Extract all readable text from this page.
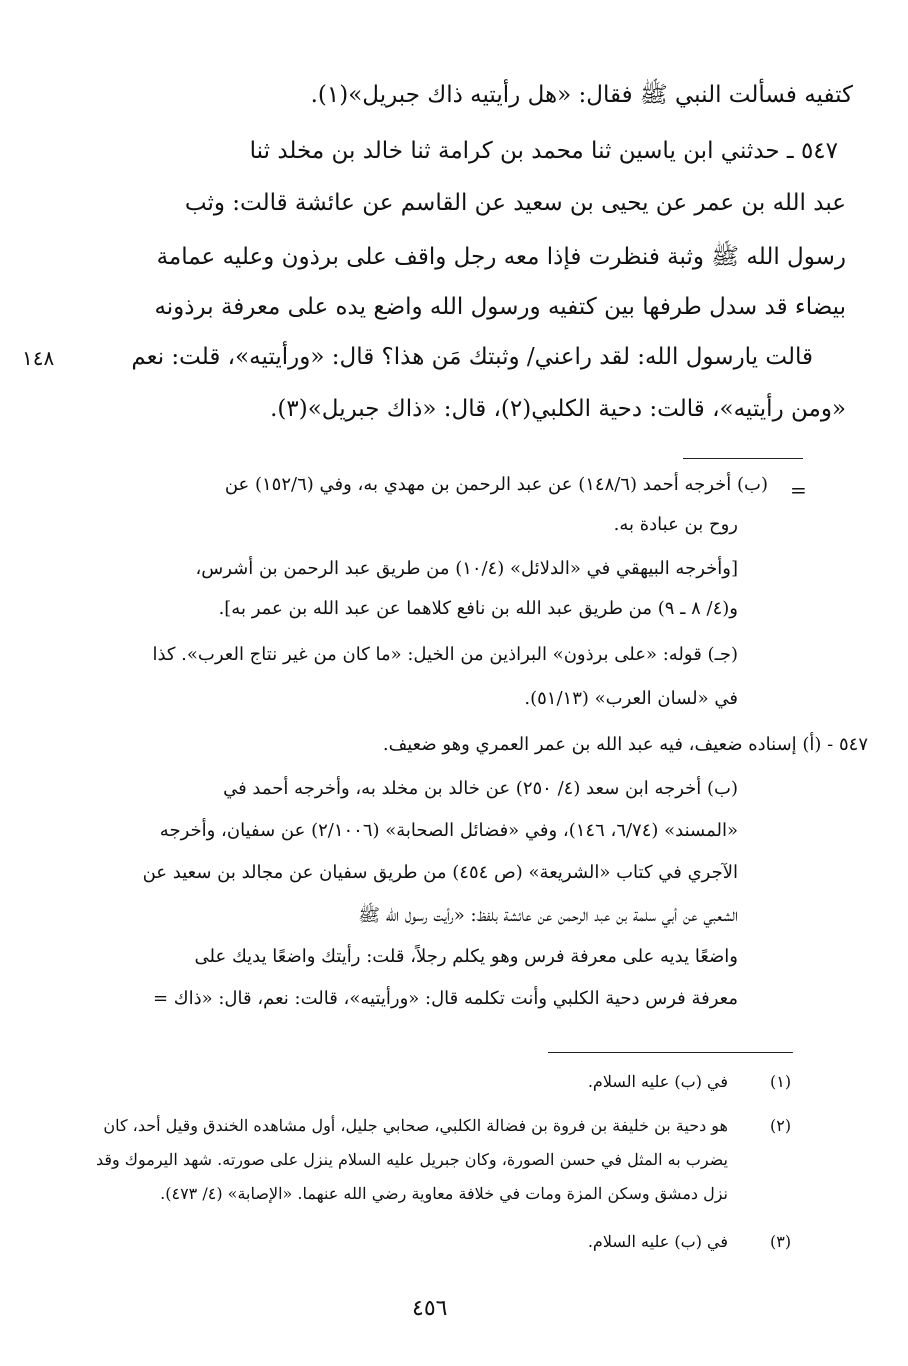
كتفيه فسألت النبي ﷺ فقال: «هل رأيتيه ذاك جبريل»(١).
٥٤٧ ـ حدثني ابن ياسين ثنا محمد بن كرامة ثنا خالد بن مخلد ثنا
عبد الله بن عمر عن يحيى بن سعيد عن القاسم عن عائشة قالت: وثب
رسول الله ﷺ وثبة فنظرت فإذا معه رجل واقف على برذون وعليه عمامة
بيضاء قد سدل طرفها بين كتفيه ورسول الله واضع يده على معرفة برذونه
قالت يارسول الله: لقد راعني/ وثبتك مَن هذا؟ قال: «ورأيتيه»، قلت: نعم
١٤٨
«ومن رأيتيه»، قالت: دحية الكلبي(٢)، قال: «ذاك جبريل»(٣).
=
(ب) أخرجه أحمد (١٤٨/٦) عن عبد الرحمن بن مهدي به، وفي (١٥٢/٦) عن
روح بن عبادة به.
[وأخرجه البيهقي في «الدلائل» (١٠/٤) من طريق عبد الرحمن بن أشرس،
و(٤/ ٨ ـ ٩) من طريق عبد الله بن نافع كلاهما عن عبد الله بن عمر به].
(جـ) قوله: «على برذون» البراذين من الخيل: «ما كان من غير نتاج العرب». كذا
في «لسان العرب» (٥١/١٣).
٥٤٧ - (أ) إسناده ضعيف، فيه عبد الله بن عمر العمري وهو ضعيف.
(ب) أخرجه ابن سعد (٤/ ٢٥٠) عن خالد بن مخلد به، وأخرجه أحمد في
«المسند» (٦/٧٤، ١٤٦)، وفي «فضائل الصحابة» (٢/١٠٠٦) عن سفيان، وأخرجه
الآجري في كتاب «الشريعة» (ص ٤٥٤) من طريق سفيان عن مجالد بن سعيد عن
الشعبي عن أبي سلمة بن عبد الرحمن عن عائشة بلفظ: «رأيت رسول الله ﷺ
واضعًا يديه على معرفة فرس وهو يكلم رجلاً، قلت: رأيتك واضعًا يديك على
معرفة فرس دحية الكلبي وأنت تكلمه قال: «ورأيتيه»، قالت: نعم، قال: «ذاك =
(١)
في (ب) عليه السلام.
(٢)
هو دحية بن خليفة بن فروة بن فضالة الكلبي، صحابي جليل، أول مشاهده الخندق وقيل أحد، كان
يضرب به المثل في حسن الصورة، وكان جبريل عليه السلام ينزل على صورته. شهد اليرموك وقد
نزل دمشق وسكن المزة ومات في خلافة معاوية رضي الله عنهما. «الإصابة» (٤/ ٤٧٣).
(٣)
في (ب) عليه السلام.
٤٥٦
